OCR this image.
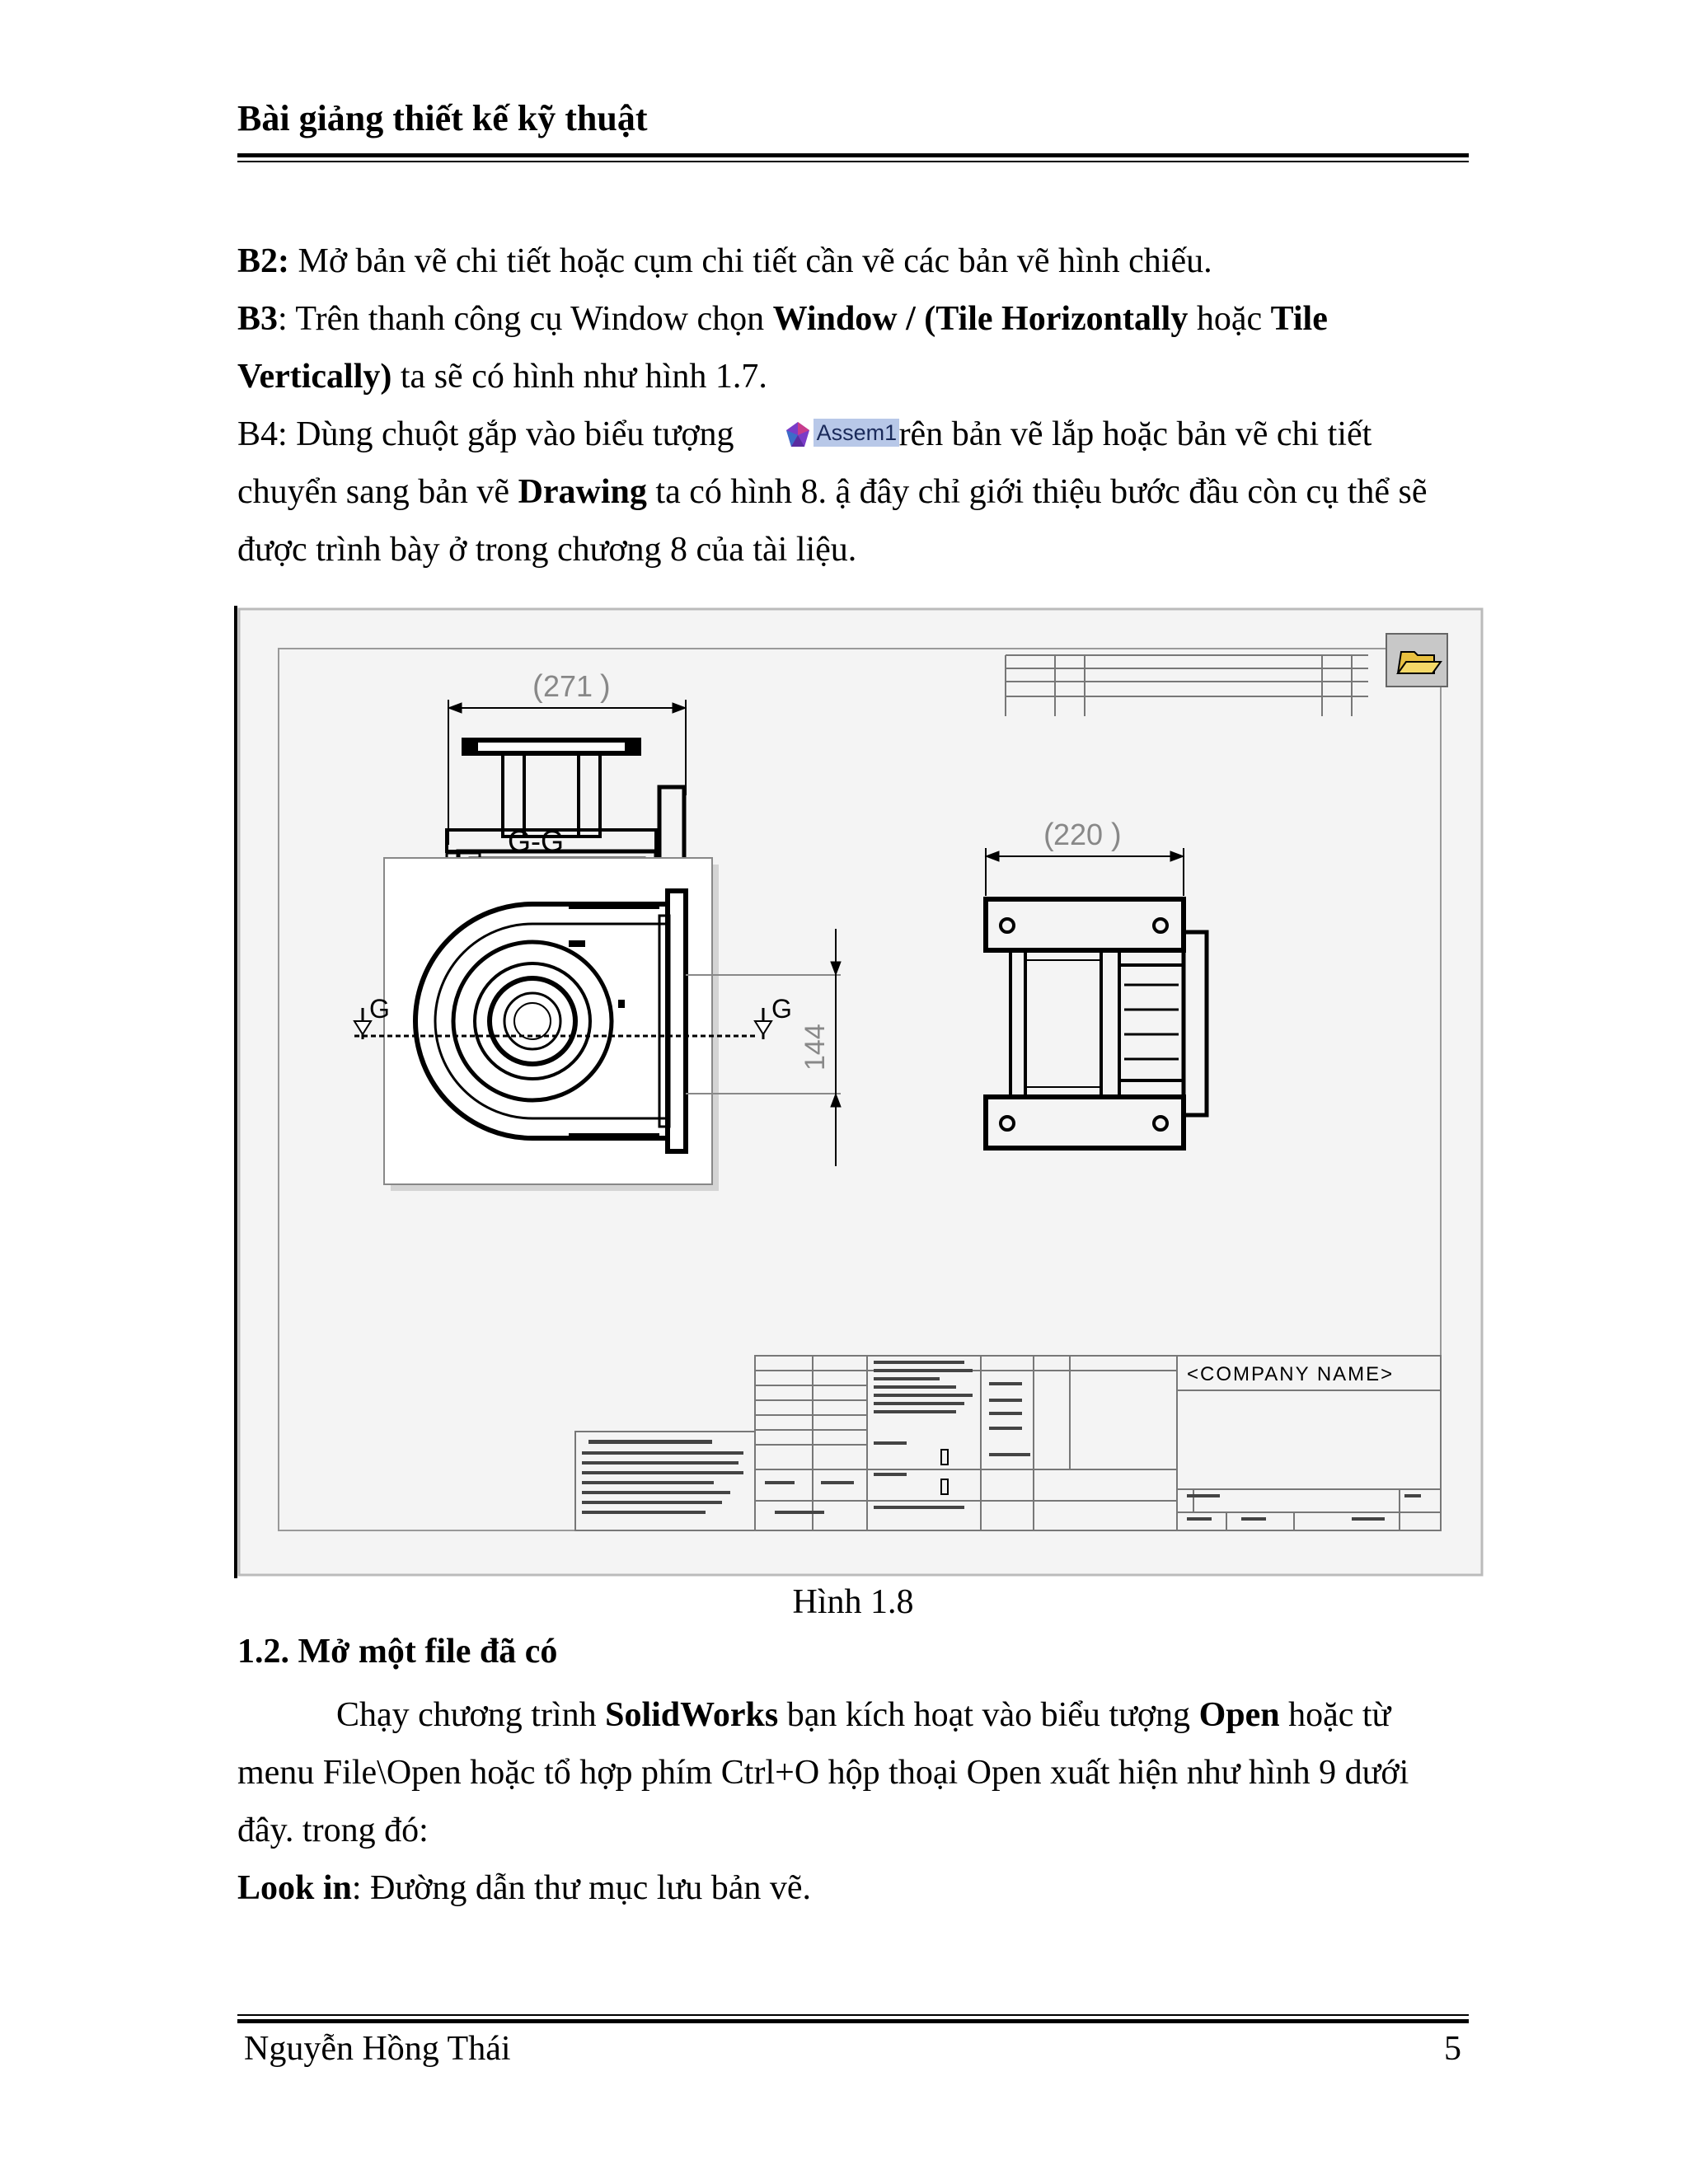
Bài giảng thiết kế kỹ thuật

B2: Mở bản vẽ chi tiết hoặc cụm chi tiết cần vẽ các bản vẽ hình chiếu.

B3: Trên thanh công cụ Window chọn Window / (Tile Horizontally hoặc Tile Vertically) ta sẽ có hình như hình 1.7.

B4: Dùng chuột gắp vào biểu tượng	Assem1 rên bản vẽ lắp hoặc bản vẽ chi tiết chuyển sang bản vẽ Drawing ta có hình 8. ậ đây chỉ giới thiệu bước đầu còn cụ thể sẽ được trình bày ở trong chương 8 của tài liệu.

( 271 )
G-G
G	G
144
( 220 )
<COMPANY NAME>
Hình 1.8
1.2. Mở một file đã có

Chạy chương trình SolidWorks bạn kích hoạt vào biểu tượng Open hoặc từ menu File\Open hoặc tổ hợp phím Ctrl+O hộp thoại Open xuất hiện như hình 9 dưới đây. trong đó:

Look in: Đường dẫn thư mục lưu bản vẽ.

Nguyễn Hồng Thái	5
